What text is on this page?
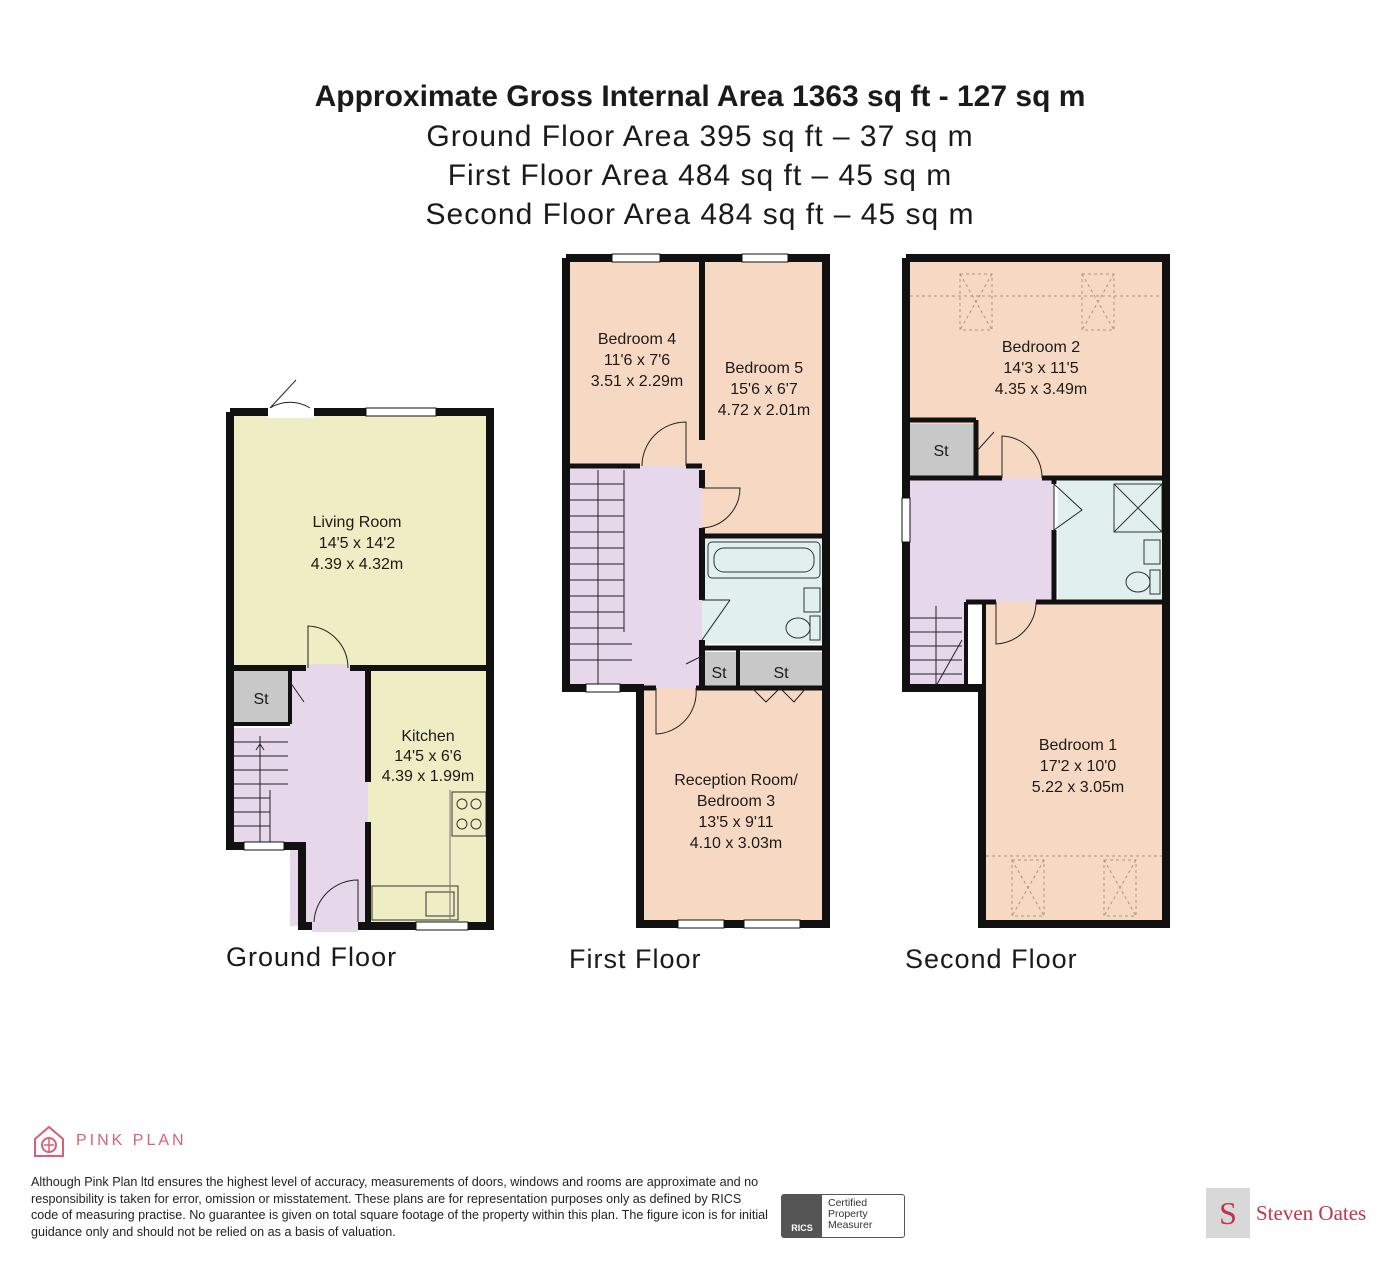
Approximate Gross Internal Area 1363 sq ft - 127 sq m
Ground Floor Area 395 sq ft – 37 sq m
First Floor Area 484 sq ft – 45 sq m
Second Floor Area 484 sq ft – 45 sq m
Living Room
14'5 x 14'2
4.39 x 4.32m
Kitchen
14'5 x 6'6
4.39 x 1.99m
St
Bedroom 4
11'6 x 7'6
3.51 x 2.29m
Bedroom 5
15'6 x 6'7
4.72 x 2.01m
Reception Room/
Bedroom 3
13'5 x 9'11
4.10 x 3.03m
St	St
Bedroom 2
14'3 x 11'5
4.35 x 3.49m
Bedroom 1
17'2 x 10'0
5.22 x 3.05m
St
Ground Floor	First Floor	Second Floor
PINK PLAN
Although Pink Plan ltd ensures the highest level of accuracy, measurements of doors, windows and rooms are approximate and no responsibility is taken for error, omission or misstatement. These plans are for representation purposes only as defined by RICS code of measuring practise. No guarantee is given on total square footage of the property within this plan. The figure icon is for initial guidance only and should not be relied on as a basis of valuation.	RICS
Certified
Property
Measurer	S Steven Oates
